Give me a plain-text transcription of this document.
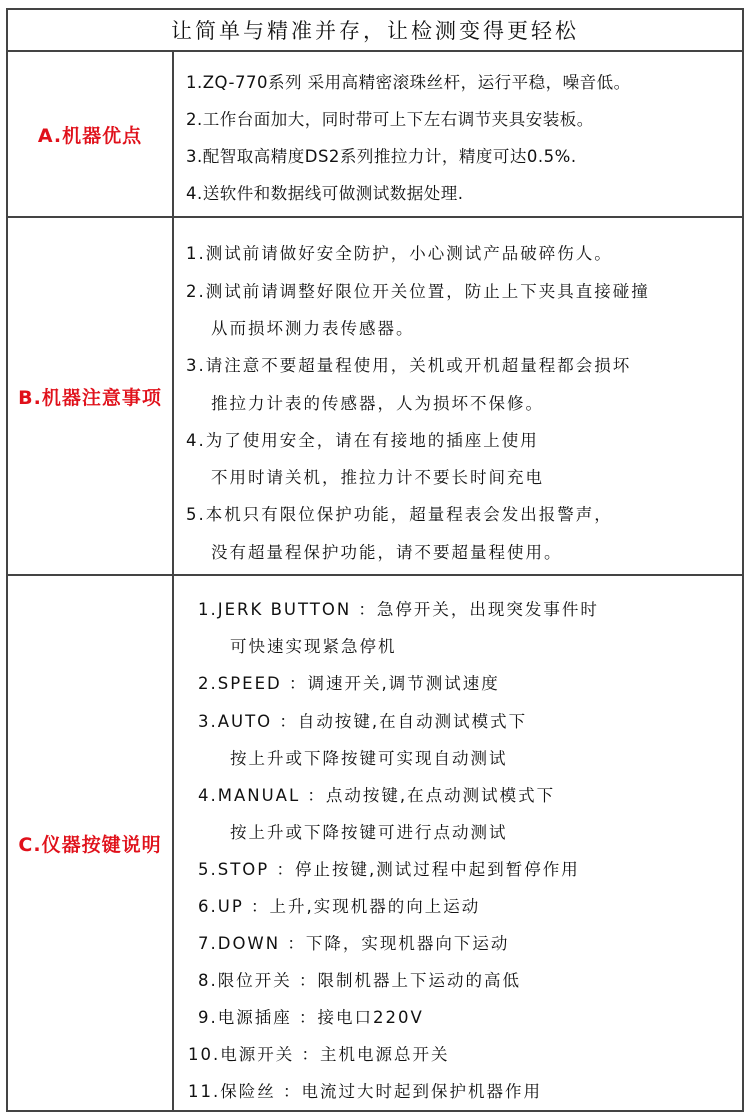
让简单与精准并存，让检测变得更轻松
A.机器优点
1.ZQ-770系列 采用高精密滚珠丝杆，运行平稳，噪音低。
2.工作台面加大，同时带可上下左右调节夹具安装板。
3.配智取高精度DS2系列推拉力计，精度可达0.5%.
4.送软件和数据线可做测试数据处理.
B.机器注意事项
1.测试前请做好安全防护，小心测试产品破碎伤人。
2.测试前请调整好限位开关位置，防止上下夹具直接碰撞
从而损坏测力表传感器。
3.请注意不要超量程使用，关机或开机超量程都会损坏
推拉力计表的传感器，人为损坏不保修。
4.为了使用安全，请在有接地的插座上使用
不用时请关机，推拉力计不要长时间充电
5.本机只有限位保护功能，超量程表会发出报警声，
没有超量程保护功能，请不要超量程使用。
C.仪器按键说明
1.JERK BUTTON ：急停开关，出现突发事件时
可快速实现紧急停机
2.SPEED ：调速开关,调节测试速度
3.AUTO ：自动按键,在自动测试模式下
按上升或下降按键可实现自动测试
4.MANUAL ：点动按键,在点动测试模式下
按上升或下降按键可进行点动测试
5.STOP ：停止按键,测试过程中起到暂停作用
6.UP ：上升,实现机器的向上运动
7.DOWN ：下降，实现机器向下运动
8.限位开关 ：限制机器上下运动的高低
9.电源插座 ：接电口220V
10.电源开关 ：主机电源总开关
11.保险丝 ：电流过大时起到保护机器作用
